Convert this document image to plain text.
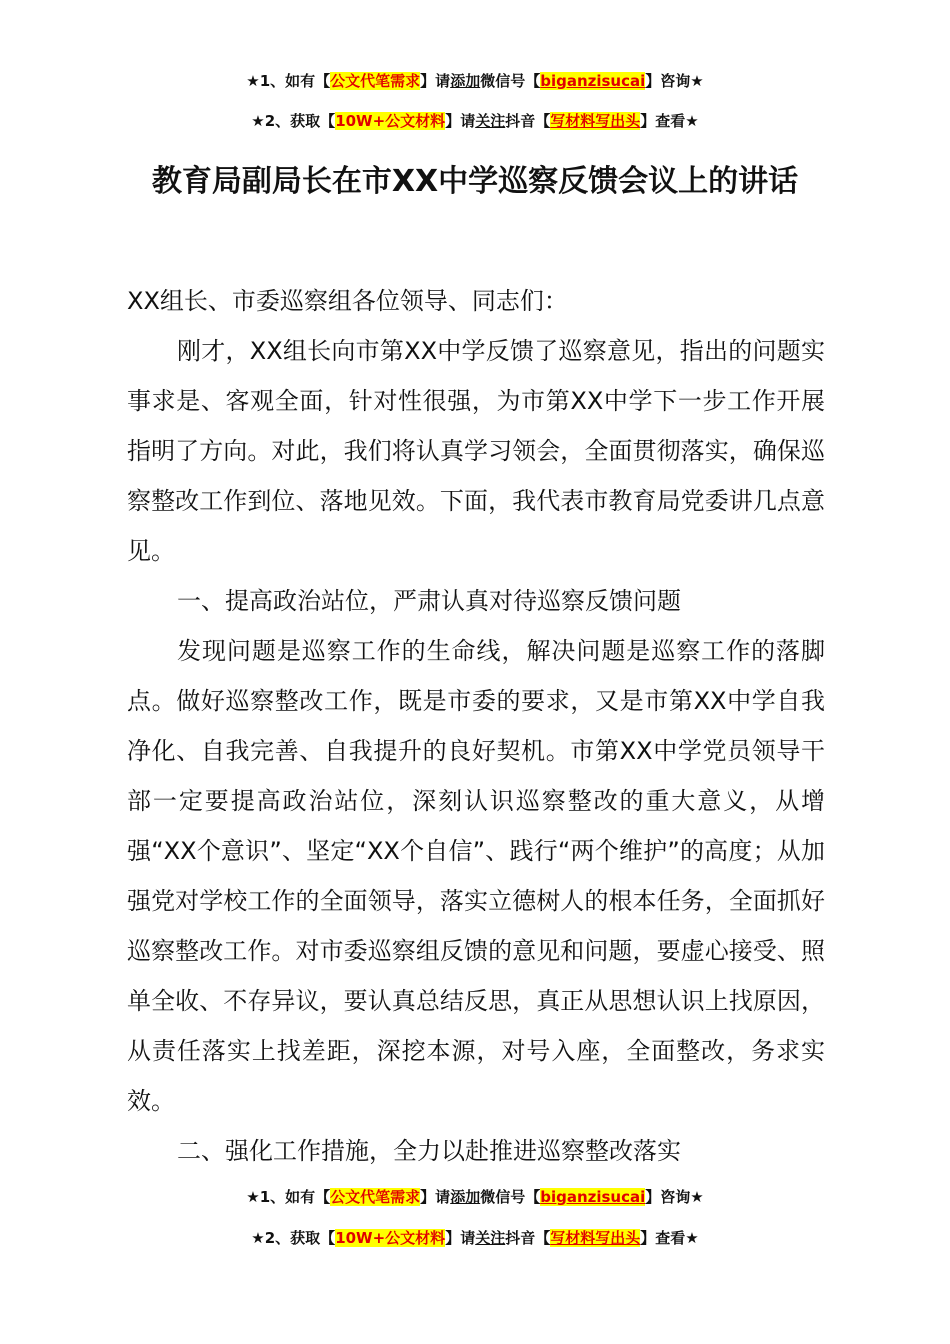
★1、如有【公文代笔需求】请添加微信号【biganzisucai】咨询★
★2、获取【10W+公文材料】请关注抖音【写材料写出头】查看★
教育局副局长在市XX中学巡察反馈会议上的讲话

XX组长、市委巡察组各位领导、同志们：

刚才，XX组长向市第XX中学反馈了巡察意见，指出的问题实事求是、客观全面，针对性很强，为市第XX中学下一步工作开展指明了方向。对此，我们将认真学习领会，全面贯彻落实，确保巡察整改工作到位、落地见效。下面，我代表市教育局党委讲几点意见。

一、提高政治站位，严肃认真对待巡察反馈问题

发现问题是巡察工作的生命线，解决问题是巡察工作的落脚点。做好巡察整改工作，既是市委的要求，又是市第XX中学自我净化、自我完善、自我提升的良好契机。市第XX中学党员领导干部一定要提高政治站位，深刻认识巡察整改的重大意义，从增强“XX个意识”、坚定“XX个自信”、践行“两个维护”的高度；从加强党对学校工作的全面领导，落实立德树人的根本任务，全面抓好巡察整改工作。对市委巡察组反馈的意见和问题，要虚心接受、照单全收、不存异议，要认真总结反思，真正从思想认识上找原因，从责任落实上找差距，深挖本源，对号入座，全面整改，务求实效。

二、强化工作措施，全力以赴推进巡察整改落实

★1、如有【公文代笔需求】请添加微信号【biganzisucai】咨询★
★2、获取【10W+公文材料】请关注抖音【写材料写出头】查看★
